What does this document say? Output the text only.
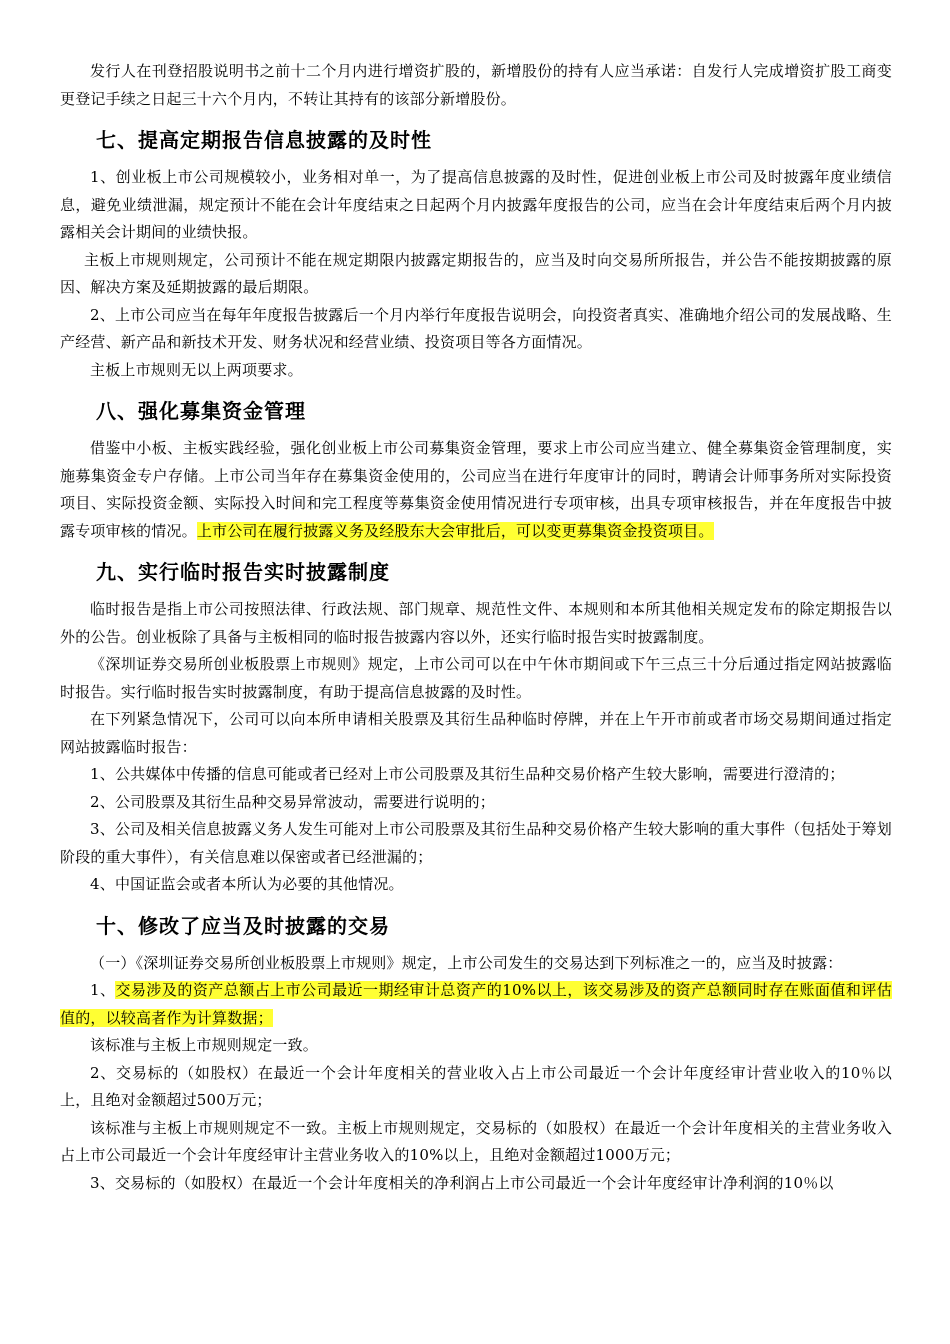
发行人在刊登招股说明书之前十二个月内进行增资扩股的，新增股份的持有人应当承诺：自发行人完成增资扩股工商变更登记手续之日起三十六个月内，不转让其持有的该部分新增股份。

七、提高定期报告信息披露的及时性

1、创业板上市公司规模较小，业务相对单一，为了提高信息披露的及时性，促进创业板上市公司及时披露年度业绩信息，避免业绩泄漏，规定预计不能在会计年度结束之日起两个月内披露年度报告的公司，应当在会计年度结束后两个月内披露相关会计期间的业绩快报。

主板上市规则规定，公司预计不能在规定期限内披露定期报告的，应当及时向交易所所报告，并公告不能按期披露的原因、解决方案及延期披露的最后期限。

2、上市公司应当在每年年度报告披露后一个月内举行年度报告说明会，向投资者真实、准确地介绍公司的发展战略、生产经营、新产品和新技术开发、财务状况和经营业绩、投资项目等各方面情况。

主板上市规则无以上两项要求。

八、强化募集资金管理

借鉴中小板、主板实践经验，强化创业板上市公司募集资金管理，要求上市公司应当建立、健全募集资金管理制度，实施募集资金专户存储。上市公司当年存在募集资金使用的，公司应当在进行年度审计的同时，聘请会计师事务所对实际投资项目、实际投资金额、实际投入时间和完工程度等募集资金使用情况进行专项审核，出具专项审核报告，并在年度报告中披露专项审核的情况。上市公司在履行披露义务及经股东大会审批后，可以变更募集资金投资项目。

九、实行临时报告实时披露制度

临时报告是指上市公司按照法律、行政法规、部门规章、规范性文件、本规则和本所其他相关规定发布的除定期报告以外的公告。创业板除了具备与主板相同的临时报告披露内容以外，还实行临时报告实时披露制度。

《深圳证券交易所创业板股票上市规则》规定，上市公司可以在中午休市期间或下午三点三十分后通过指定网站披露临时报告。实行临时报告实时披露制度，有助于提高信息披露的及时性。

在下列紧急情况下，公司可以向本所申请相关股票及其衍生品种临时停牌，并在上午开市前或者市场交易期间通过指定网站披露临时报告：

1、公共媒体中传播的信息可能或者已经对上市公司股票及其衍生品种交易价格产生较大影响，需要进行澄清的；

2、公司股票及其衍生品种交易异常波动，需要进行说明的；

3、公司及相关信息披露义务人发生可能对上市公司股票及其衍生品种交易价格产生较大影响的重大事件（包括处于筹划阶段的重大事件），有关信息难以保密或者已经泄漏的；

4、中国证监会或者本所认为必要的其他情况。

十、修改了应当及时披露的交易

（一）《深圳证券交易所创业板股票上市规则》规定，上市公司发生的交易达到下列标准之一的，应当及时披露：

1、交易涉及的资产总额占上市公司最近一期经审计总资产的10%以上，该交易涉及的资产总额同时存在账面值和评估值的，以较高者作为计算数据；

该标准与主板上市规则规定一致。

2、交易标的（如股权）在最近一个会计年度相关的营业收入占上市公司最近一个会计年度经审计营业收入的10％以上，且绝对金额超过500万元；

该标准与主板上市规则规定不一致。主板上市规则规定，交易标的（如股权）在最近一个会计年度相关的主营业务收入占上市公司最近一个会计年度经审计主营业务收入的10%以上，且绝对金额超过1000万元；

3、交易标的（如股权）在最近一个会计年度相关的净利润占上市公司最近一个会计年度经审计净利润的10％以
